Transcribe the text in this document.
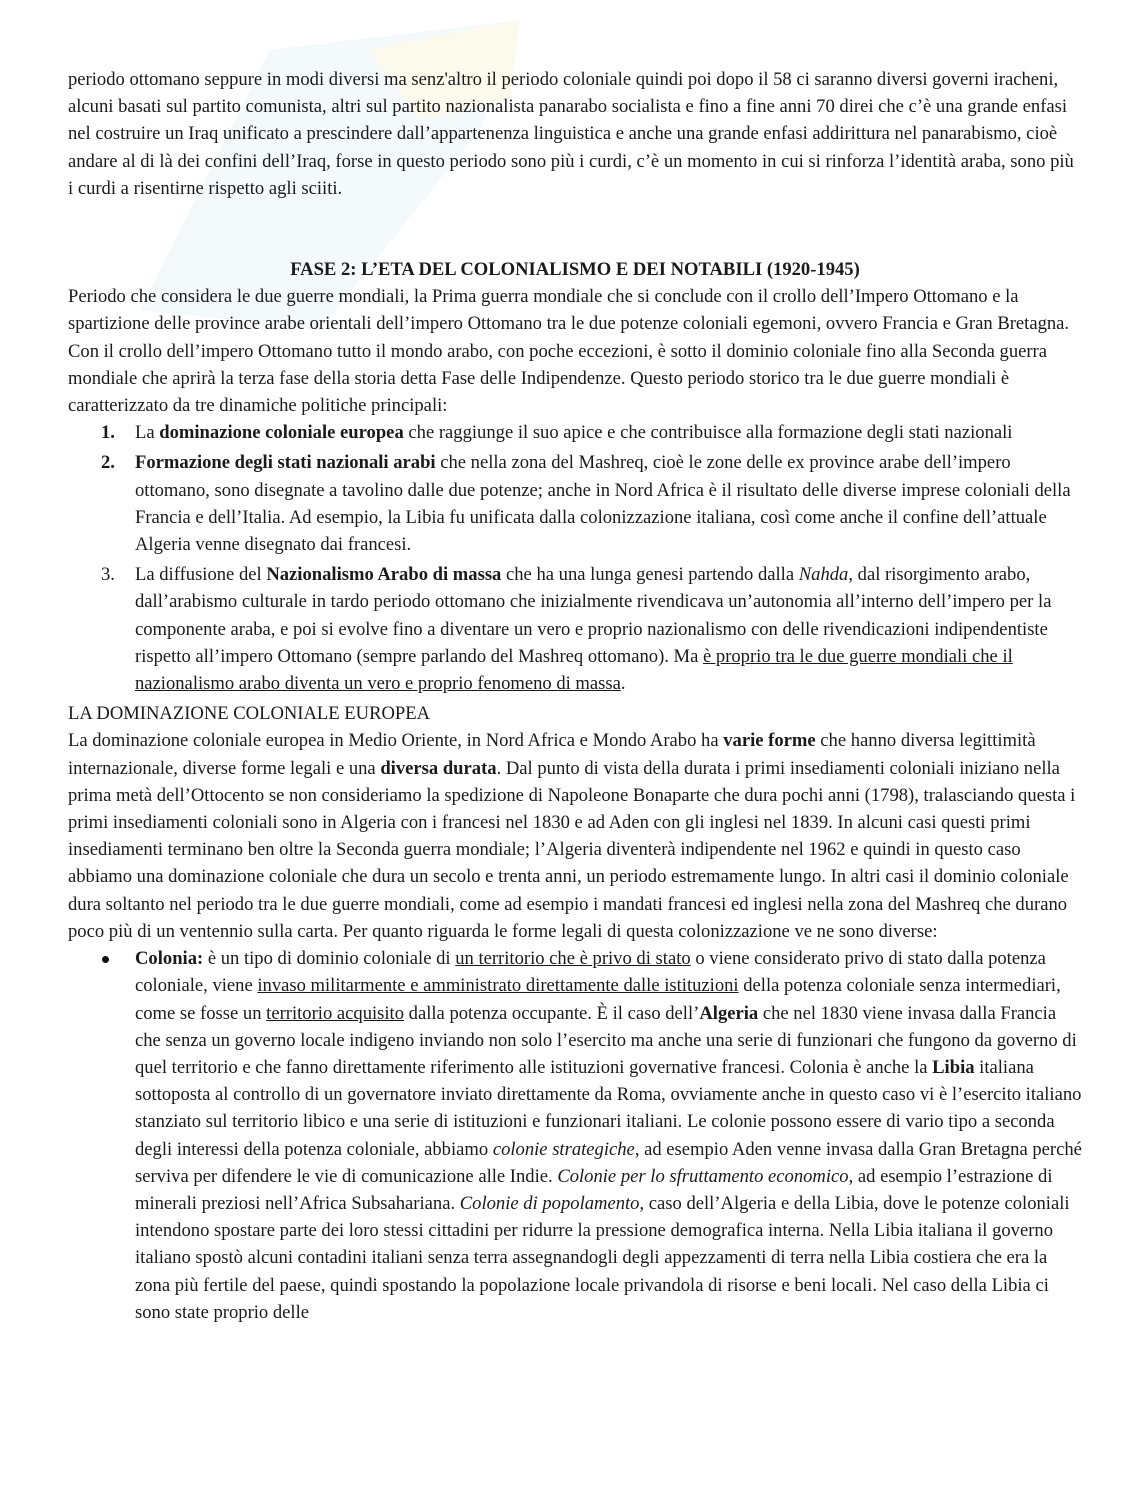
periodo ottomano seppure in modi diversi ma senz'altro il periodo coloniale quindi poi dopo il 58 ci saranno diversi governi iracheni, alcuni basati sul partito comunista, altri sul partito nazionalista panarabo socialista e fino a fine anni 70 direi che c’è una grande enfasi nel costruire un Iraq unificato a prescindere dall’appartenenza linguistica e anche una grande enfasi addirittura nel panarabismo, cioè andare al di là dei confini dell’Iraq, forse in questo periodo sono più i curdi, c’è un momento in cui si rinforza l’identità araba, sono più i curdi a risentirne rispetto agli sciiti.

FASE 2: L’ETA DEL COLONIALISMO E DEI NOTABILI (1920-1945)

Periodo che considera le due guerre mondiali, la Prima guerra mondiale che si conclude con il crollo dell’Impero Ottomano e la spartizione delle province arabe orientali dell’impero Ottomano tra le due potenze coloniali egemoni, ovvero Francia e Gran Bretagna. Con il crollo dell’impero Ottomano tutto il mondo arabo, con poche eccezioni, è sotto il dominio coloniale fino alla Seconda guerra mondiale che aprirà la terza fase della storia detta Fase delle Indipendenze. Questo periodo storico tra le due guerre mondiali è caratterizzato da tre dinamiche politiche principali:

1. La dominazione coloniale europea che raggiunge il suo apice e che contribuisce alla formazione degli stati nazionali
2. Formazione degli stati nazionali arabi che nella zona del Mashreq, cioè le zone delle ex province arabe dell’impero ottomano, sono disegnate a tavolino dalle due potenze; anche in Nord Africa è il risultato delle diverse imprese coloniali della Francia e dell’Italia. Ad esempio, la Libia fu unificata dalla colonizzazione italiana, così come anche il confine dell’attuale Algeria venne disegnato dai francesi.
3. La diffusione del Nazionalismo Arabo di massa che ha una lunga genesi partendo dalla Nahda, dal risorgimento arabo, dall’arabismo culturale in tardo periodo ottomano che inizialmente rivendicava un’autonomia all’interno dell’impero per la componente araba, e poi si evolve fino a diventare un vero e proprio nazionalismo con delle rivendicazioni indipendentiste rispetto all’impero Ottomano (sempre parlando del Mashreq ottomano). Ma è proprio tra le due guerre mondiali che il nazionalismo arabo diventa un vero e proprio fenomeno di massa.

LA DOMINAZIONE COLONIALE EUROPEA

La dominazione coloniale europea in Medio Oriente, in Nord Africa e Mondo Arabo ha varie forme che hanno diversa legittimità internazionale, diverse forme legali e una diversa durata. Dal punto di vista della durata i primi insediamenti coloniali iniziano nella prima metà dell’Ottocento se non consideriamo la spedizione di Napoleone Bonaparte che dura pochi anni (1798), tralasciando questa i primi insediamenti coloniali sono in Algeria con i francesi nel 1830 e ad Aden con gli inglesi nel 1839. In alcuni casi questi primi insediamenti terminano ben oltre la Seconda guerra mondiale; l’Algeria diventerà indipendente nel 1962 e quindi in questo caso abbiamo una dominazione coloniale che dura un secolo e trenta anni, un periodo estremamente lungo. In altri casi il dominio coloniale dura soltanto nel periodo tra le due guerre mondiali, come ad esempio i mandati francesi ed inglesi nella zona del Mashreq che durano poco più di un ventennio sulla carta. Per quanto riguarda le forme legali di questa colonizzazione ve ne sono diverse:

Colonia: è un tipo di dominio coloniale di un territorio che è privo di stato o viene considerato privo di stato dalla potenza coloniale, viene invaso militarmente e amministrato direttamente dalle istituzioni della potenza coloniale senza intermediari, come se fosse un territorio acquisito dalla potenza occupante. È il caso dell’Algeria che nel 1830 viene invasa dalla Francia che senza un governo locale indigeno inviando non solo l’esercito ma anche una serie di funzionari che fungono da governo di quel territorio e che fanno direttamente riferimento alle istituzioni governative francesi. Colonia è anche la Libia italiana sottoposta al controllo di un governatore inviato direttamente da Roma, ovviamente anche in questo caso vi è l’esercito italiano stanziato sul territorio libico e una serie di istituzioni e funzionari italiani. Le colonie possono essere di vario tipo a seconda degli interessi della potenza coloniale, abbiamo colonie strategiche, ad esempio Aden venne invasa dalla Gran Bretagna perché serviva per difendere le vie di comunicazione alle Indie. Colonie per lo sfruttamento economico, ad esempio l’estrazione di minerali preziosi nell’Africa Subsahariana. Colonie di popolamento, caso dell’Algeria e della Libia, dove le potenze coloniali intendono spostare parte dei loro stessi cittadini per ridurre la pressione demografica interna. Nella Libia italiana il governo italiano spostò alcuni contadini italiani senza terra assegnandogli degli appezzamenti di terra nella Libia costiera che era la zona più fertile del paese, quindi spostando la popolazione locale privandola di risorse e beni locali. Nel caso della Libia ci sono state proprio delle
